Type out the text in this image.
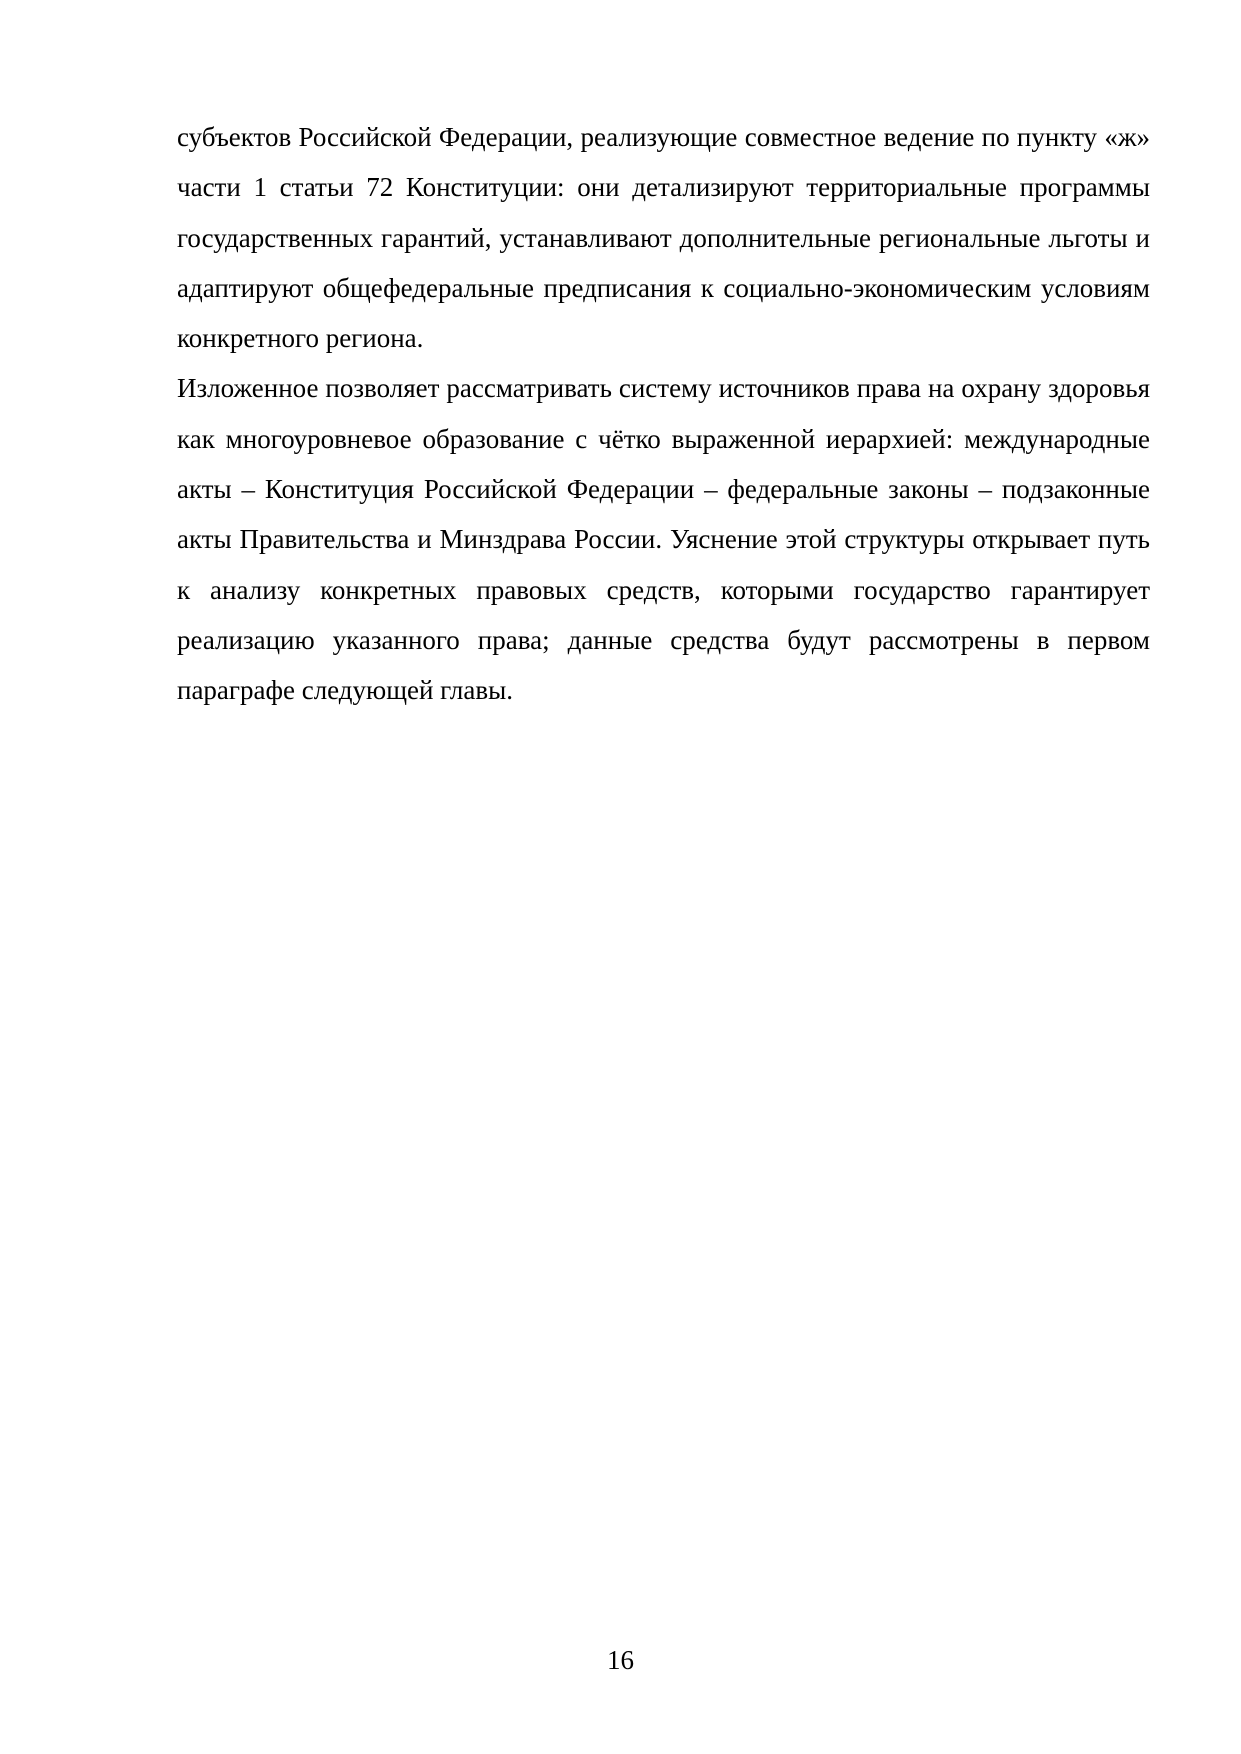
субъектов Российской Федерации, реализующие совместное ведение по пункту «ж» части 1 статьи 72 Конституции: они детализируют территориальные программы государственных гарантий, устанавливают дополнительные региональные льготы и адаптируют общефедеральные предписания к социально-экономическим условиям конкретного региона.

Изложенное позволяет рассматривать систему источников права на охрану здоровья как многоуровневое образование с чётко выраженной иерархией: международные акты – Конституция Российской Федерации – федеральные законы – подзаконные акты Правительства и Минздрава России. Уяснение этой структуры открывает путь к анализу конкретных правовых средств, которыми государство гарантирует реализацию указанного права; данные средства будут рассмотрены в первом параграфе следующей главы.

16
